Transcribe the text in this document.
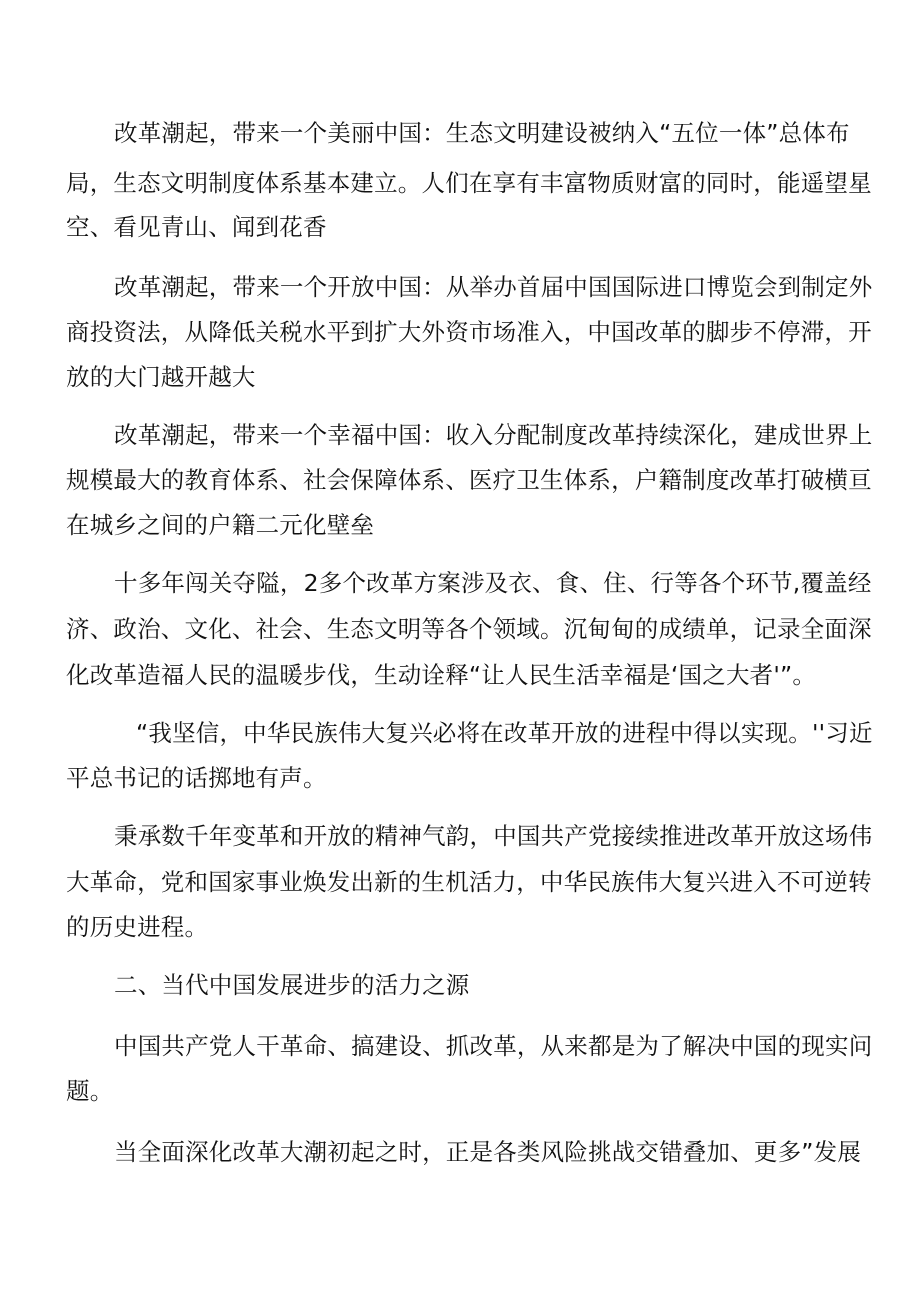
改革潮起，带来一个美丽中国：生态文明建设被纳入“五位一体”总体布

局，生态文明制度体系基本建立。人们在享有丰富物质财富的同时，能遥望星

空、看见青山、闻到花香

改革潮起，带来一个开放中国：从举办首届中国国际进口博览会到制定外

商投资法，从降低关税水平到扩大外资市场准入，中国改革的脚步不停滞，开

放的大门越开越大

改革潮起，带来一个幸福中国：收入分配制度改革持续深化，建成世界上

规模最大的教育体系、社会保障体系、医疗卫生体系，户籍制度改革打破横亘

在城乡之间的户籍二元化壁垒

十多年闯关夺隘，2多个改革方案涉及衣、食、住、行等各个环节,覆盖经

济、政治、文化、社会、生态文明等各个领域。沉甸甸的成绩单，记录全面深

化改革造福人民的温暖步伐，生动诠释“让人民生活幸福是‘国之大者'”。

“我坚信，中华民族伟大复兴必将在改革开放的进程中得以实现。''习近

平总书记的话掷地有声。

秉承数千年变革和开放的精神气韵，中国共产党接续推进改革开放这场伟

大革命，党和国家事业焕发出新的生机活力，中华民族伟大复兴进入不可逆转

的历史进程。

二、当代中国发展进步的活力之源

中国共产党人干革命、搞建设、抓改革，从来都是为了解决中国的现实问

题。

当全面深化改革大潮初起之时，正是各类风险挑战交错叠加、更多”发展
